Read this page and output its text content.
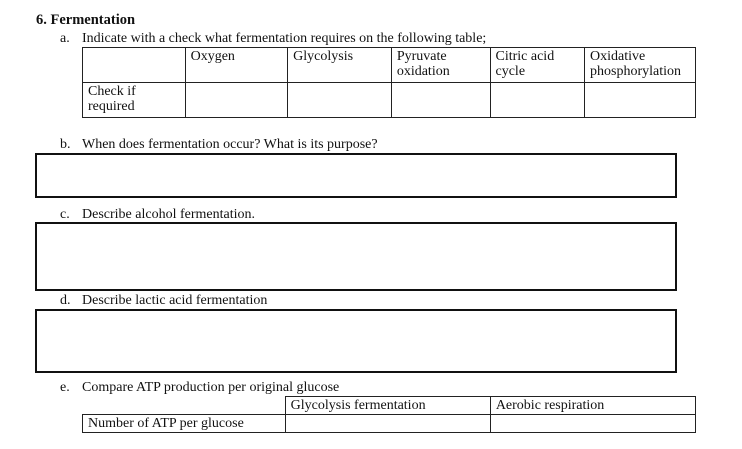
6. Fermentation
a. Indicate with a check what fermentation requires on the following table;
	Oxygen	Glycolysis	Pyruvate oxidation	Citric acid cycle	Oxidative phosphorylation
Check if required					
b. When does fermentation occur? What is its purpose?
c. Describe alcohol fermentation.
d. Describe lactic acid fermentation
e. Compare ATP production per original glucose
	Glycolysis fermentation	Aerobic respiration
Number of ATP per glucose		
